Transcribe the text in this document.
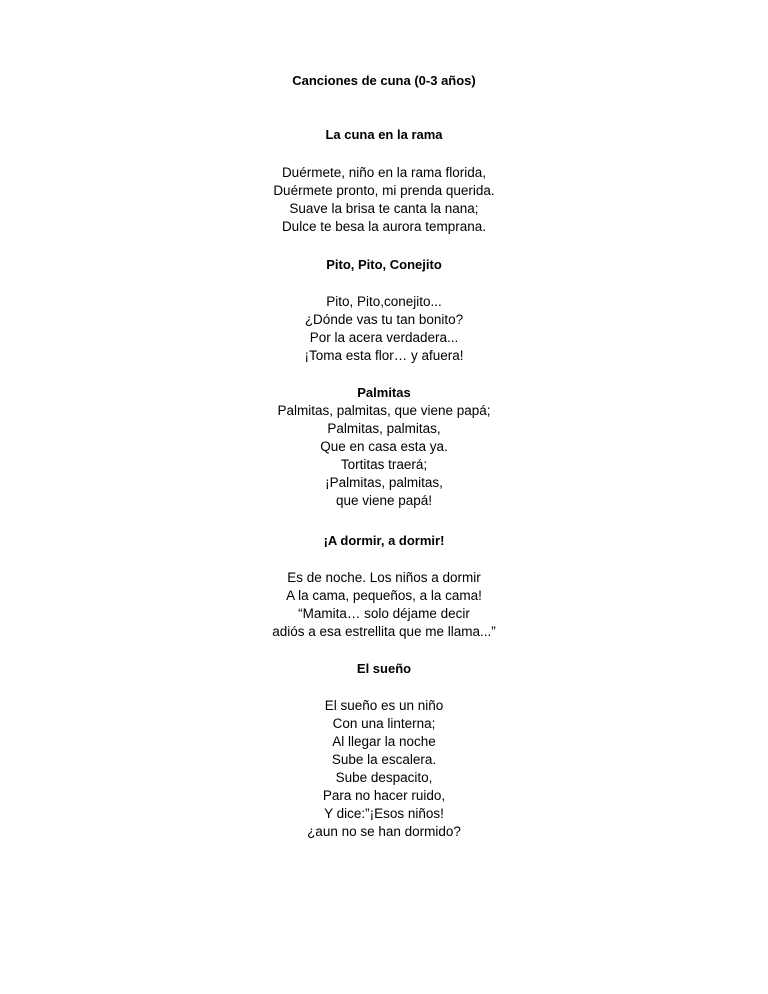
Canciones de cuna (0-3 años)
La cuna en la rama
Duérmete, niño en la rama florida,
Duérmete pronto, mi prenda querida.
Suave la brisa te canta la nana;
Dulce te besa la aurora temprana.
Pito, Pito, Conejito
Pito, Pito,conejito...
¿Dónde vas tu tan bonito?
Por la acera verdadera...
¡Toma esta flor… y afuera!
Palmitas
Palmitas, palmitas, que viene papá;
Palmitas, palmitas,
Que en casa esta ya.
Tortitas traerá;
¡Palmitas, palmitas,
que viene papá!
¡A dormir, a dormir!
Es de noche. Los niños a dormir
A la cama, pequeños, a la cama!
“Mamita… solo déjame decir
adiós a esa estrellita que me llama...”
El sueño
El sueño es un niño
Con una linterna;
Al llegar la noche
Sube la escalera.
Sube despacito,
Para no hacer ruido,
Y dice:”¡Esos niños!
¿aun no se han dormido?
